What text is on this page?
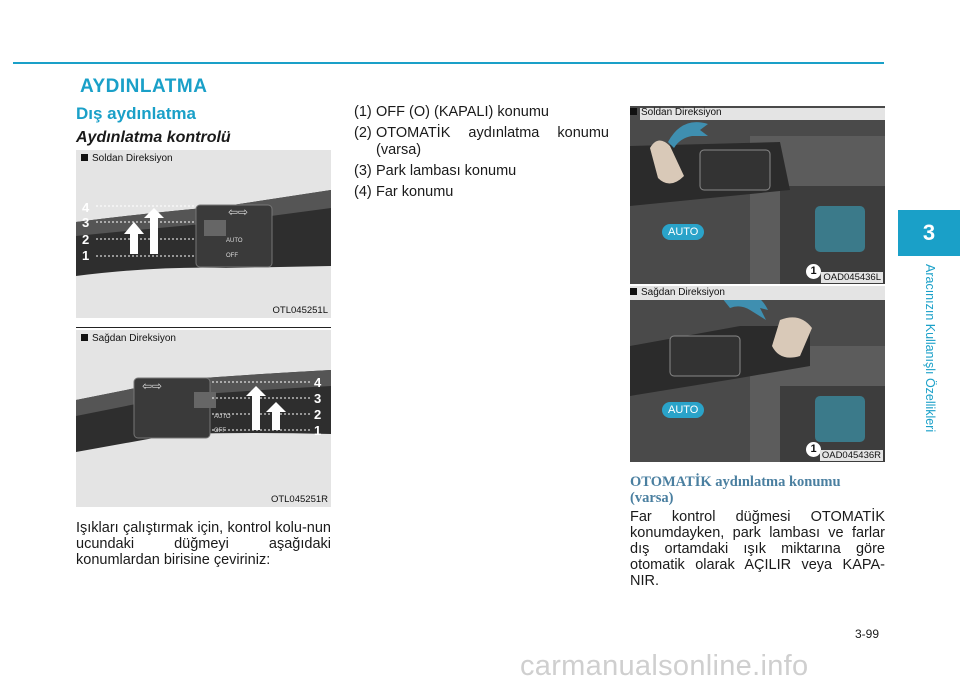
AYDINLATMA
Dış aydınlatma
Aydınlatma kontrolü
AUTO
OFF
⇦⇨
4
3
2
1
Soldan Direksiyon
OTL045251L
AUTO
OFF
⇦⇨	4
3
2
1
Sağdan Direksiyon
OTL045251R
Işıkları çalıştırmak için, kontrol kolu-nun ucundaki düğmeyi aşağıdaki konumlardan birisine çeviriniz:
(1) OFF (O) (KAPALI) konumu
(2) OTOMATİK aydınlatma konumu (varsa)
(3) Park lambası konumu
(4) Far konumu
AUTO
1
Soldan Direksiyon
OAD045436L
AUTO
1
Sağdan Direksiyon
OAD045436R
OTOMATİK aydınlatma konumu (varsa)
Far kontrol düğmesi OTOMATİK konumdayken, park lambası ve farlar dış ortamdaki ışık miktarına göre otomatik olarak AÇILIR veya KAPA-NIR.
3
Aracınızın Kullanışlı Özellikleri
3-99
carmanualsonline.info
